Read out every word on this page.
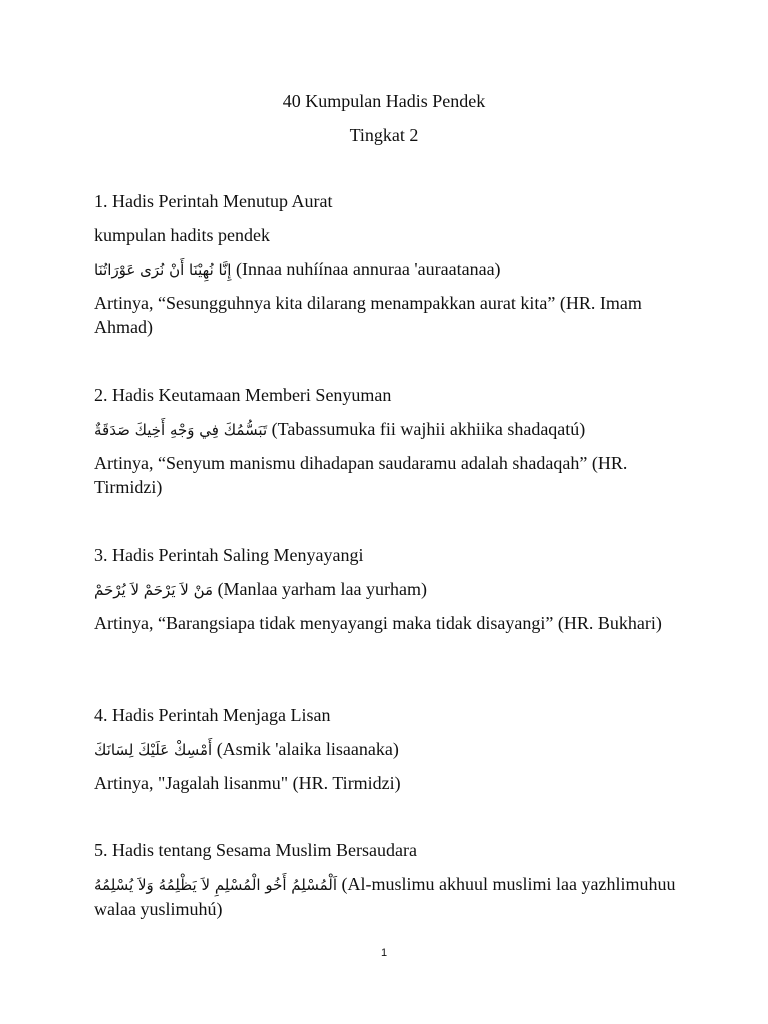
40 Kumpulan Hadis Pendek
Tingkat 2
1. Hadis Perintah Menutup Aurat
kumpulan hadits pendek
إِنَّا نُهِيْنَا أَنْ نُرَى عَوْرَاتُنَا (Innaa nuhíínaa annuraa 'auraatanaa)
Artinya, “Sesungguhnya kita dilarang menampakkan aurat kita” (HR. Imam Ahmad)
2. Hadis Keutamaan Memberi Senyuman
تَبَسُّمُكَ فِي وَجْهِ أَخِيكَ صَدَقَةٌ (Tabassumuka fii wajhii akhiika shadaqatú)
Artinya, “Senyum manismu dihadapan saudaramu adalah shadaqah” (HR. Tirmidzi)
3. Hadis Perintah Saling Menyayangi
مَنْ لاَ يَرْحَمْ لاَ يُرْحَمْ (Manlaa yarham laa yurham)
Artinya, “Barangsiapa tidak menyayangi maka tidak disayangi” (HR. Bukhari)
4. Hadis Perintah Menjaga Lisan
أَمْسِكْ عَلَيْكَ لِسَانَكَ (Asmik 'alaika lisaanaka)
Artinya, "Jagalah lisanmu" (HR. Tirmidzi)
5. Hadis tentang Sesama Muslim Bersaudara
اَلْمُسْلِمُ أَخُو الْمُسْلِمِ لاَ يَظْلِمُهُ وَلاَ يُسْلِمُهُ (Al-muslimu akhuul muslimi laa yazhlimuhuu walaa yuslimuhú)
1
